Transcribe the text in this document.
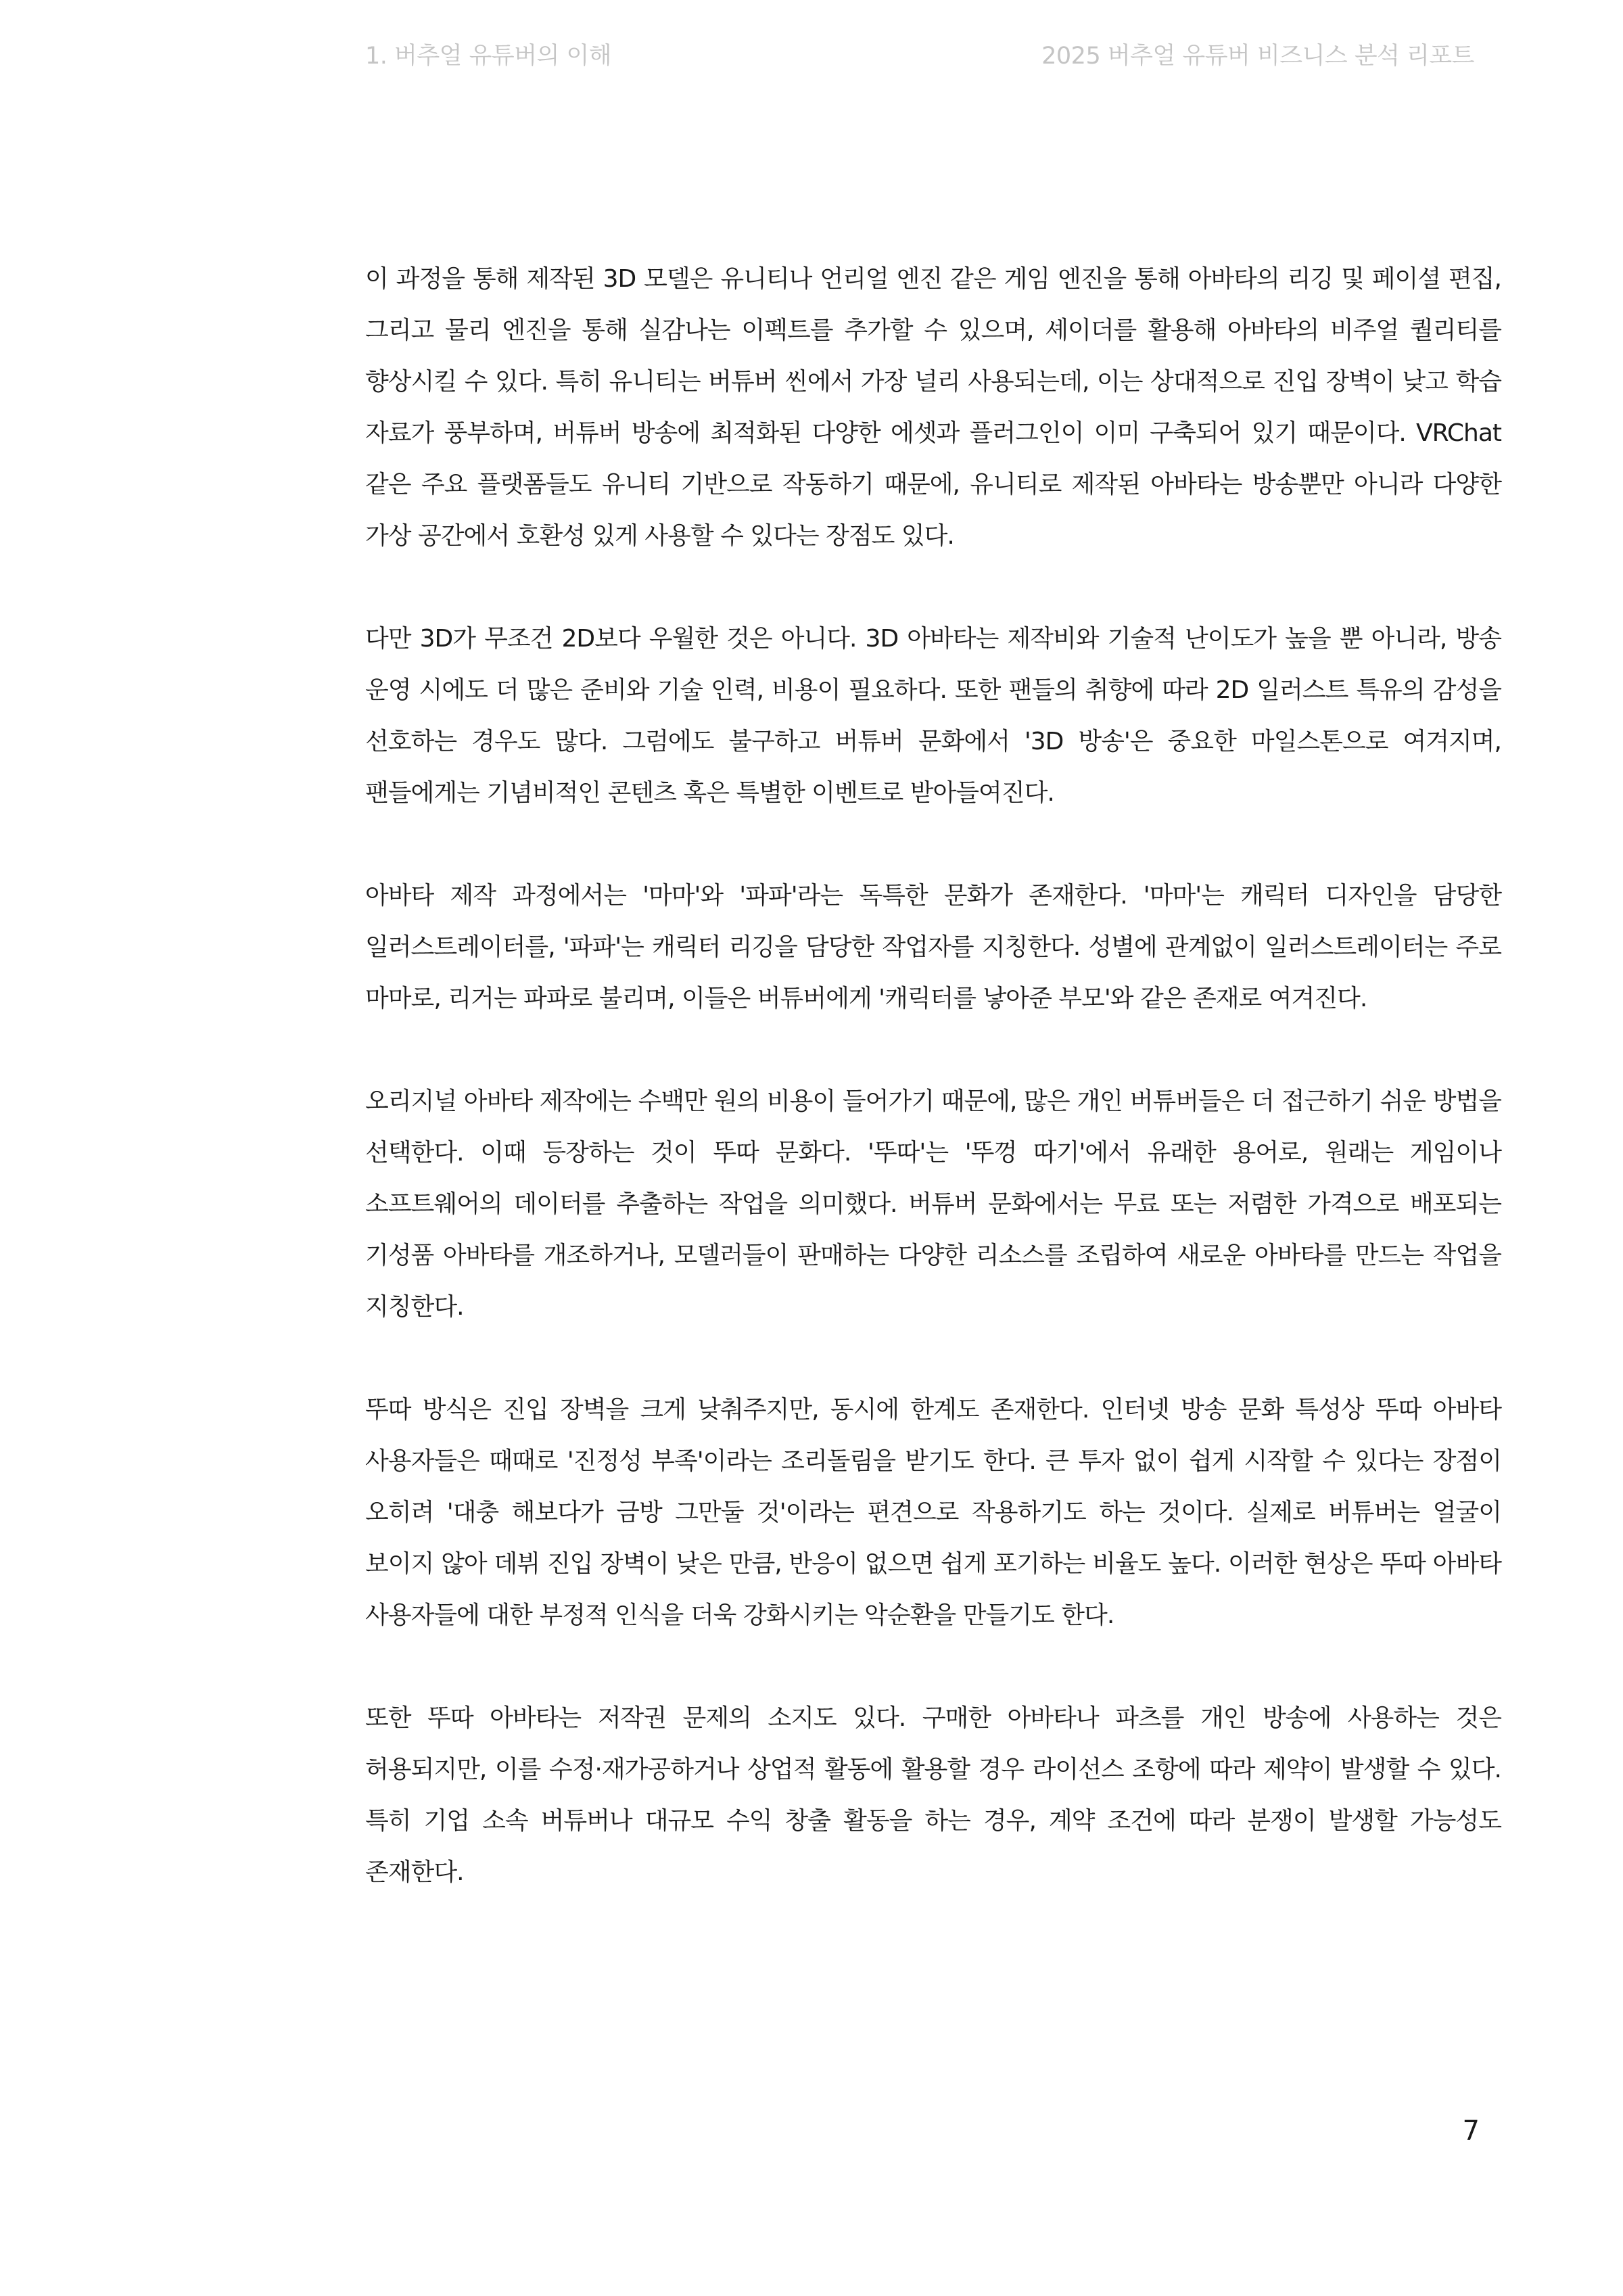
1. 버추얼 유튜버의 이해	2025 버추얼 유튜버 비즈니스 분석 리포트

이 과정을 통해 제작된 3D 모델은 유니티나 언리얼 엔진 같은 게임 엔진을 통해 아바타의 리깅 및 페이셜 편집, 그리고 물리 엔진을 통해 실감나는 이펙트를 추가할 수 있으며, 셰이더를 활용해 아바타의 비주얼 퀄리티를 향상시킬 수 있다. 특히 유니티는 버튜버 씬에서 가장 널리 사용되는데, 이는 상대적으로 진입 장벽이 낮고 학습 자료가 풍부하며, 버튜버 방송에 최적화된 다양한 에셋과 플러그인이 이미 구축되어 있기 때문이다. VRChat 같은 주요 플랫폼들도 유니티 기반으로 작동하기 때문에, 유니티로 제작된 아바타는 방송뿐만 아니라 다양한 가상 공간에서 호환성 있게 사용할 수 있다는 장점도 있다.

다만 3D가 무조건 2D보다 우월한 것은 아니다. 3D 아바타는 제작비와 기술적 난이도가 높을 뿐 아니라, 방송 운영 시에도 더 많은 준비와 기술 인력, 비용이 필요하다. 또한 팬들의 취향에 따라 2D 일러스트 특유의 감성을 선호하는 경우도 많다. 그럼에도 불구하고 버튜버 문화에서 '3D 방송'은 중요한 마일스톤으로 여겨지며, 팬들에게는 기념비적인 콘텐츠 혹은 특별한 이벤트로 받아들여진다.

아바타 제작 과정에서는 '마마'와 '파파'라는 독특한 문화가 존재한다. '마마'는 캐릭터 디자인을 담당한 일러스트레이터를, '파파'는 캐릭터 리깅을 담당한 작업자를 지칭한다. 성별에 관계없이 일러스트레이터는 주로 마마로, 리거는 파파로 불리며, 이들은 버튜버에게 '캐릭터를 낳아준 부모'와 같은 존재로 여겨진다.

오리지널 아바타 제작에는 수백만 원의 비용이 들어가기 때문에, 많은 개인 버튜버들은 더 접근하기 쉬운 방법을 선택한다. 이때 등장하는 것이 뚜따 문화다. '뚜따'는 '뚜껑 따기'에서 유래한 용어로, 원래는 게임이나 소프트웨어의 데이터를 추출하는 작업을 의미했다. 버튜버 문화에서는 무료 또는 저렴한 가격으로 배포되는 기성품 아바타를 개조하거나, 모델러들이 판매하는 다양한 리소스를 조립하여 새로운 아바타를 만드는 작업을 지칭한다.

뚜따 방식은 진입 장벽을 크게 낮춰주지만, 동시에 한계도 존재한다. 인터넷 방송 문화 특성상 뚜따 아바타 사용자들은 때때로 '진정성 부족'이라는 조리돌림을 받기도 한다. 큰 투자 없이 쉽게 시작할 수 있다는 장점이 오히려 '대충 해보다가 금방 그만둘 것'이라는 편견으로 작용하기도 하는 것이다. 실제로 버튜버는 얼굴이 보이지 않아 데뷔 진입 장벽이 낮은 만큼, 반응이 없으면 쉽게 포기하는 비율도 높다. 이러한 현상은 뚜따 아바타 사용자들에 대한 부정적 인식을 더욱 강화시키는 악순환을 만들기도 한다.

또한 뚜따 아바타는 저작권 문제의 소지도 있다. 구매한 아바타나 파츠를 개인 방송에 사용하는 것은 허용되지만, 이를 수정·재가공하거나 상업적 활동에 활용할 경우 라이선스 조항에 따라 제약이 발생할 수 있다. 특히 기업 소속 버튜버나 대규모 수익 창출 활동을 하는 경우, 계약 조건에 따라 분쟁이 발생할 가능성도 존재한다.

7
